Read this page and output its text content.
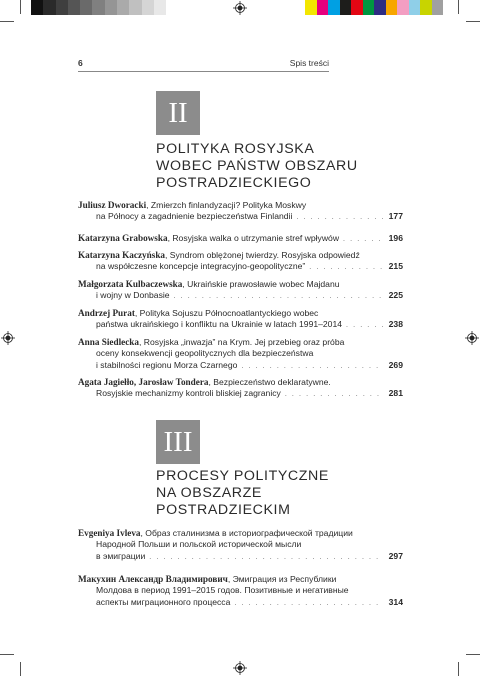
6	Spis treści
II
POLITYKA ROSYJSKA
WOBEC PAŃSTW OBSZARU
POSTRADZIECKIEGO
Juliusz Dworacki, Zmierzch finlandyzacji? Polityka Moskwy
na Północy a zagadnienie bezpieczeństwa Finlandii . . .	177
Katarzyna Grabowska, Rosyjska walka o utrzymanie stref wpływów . . .	196
Katarzyna Kaczyńska, Syndrom oblężonej twierdzy. Rosyjska odpowiedź
na współczesne koncepcje integracyjno-geopolityczne” . . .	215
Małgorzata Kulbaczewska, Ukraińskie prawosławie wobec Majdanu
i wojny w Donbasie . . .	225
Andrzej Purat, Polityka Sojuszu Północnoatlantyckiego wobec
państwa ukraińskiego i konfliktu na Ukrainie w latach 1991–2014 . . .	238
Anna Siedlecka, Rosyjska „inwazja” na Krym. Jej przebieg oraz próba
oceny konsekwencji geopolitycznych dla bezpieczeństwa
i stabilności regionu Morza Czarnego . . .	269
Agata Jagiełło, Jarosław Tondera, Bezpieczeństwo deklaratywne.
Rosyjskie mechanizmy kontroli bliskiej zagranicy . . .	281
III
PROCESY POLITYCZNE
NA OBSZARZE
POSTRADZIECKIM
Evgeniya Ivleva, Образ сталинизма в историографической традиции
Народной Польши и польской исторической мысли
в эмиграции . . .	297
Макухин Александр Владимирович, Эмиграция из Республики
Молдова в период 1991–2015 годов. Позитивные и негативные
аспекты миграционного процесса . . .	314
